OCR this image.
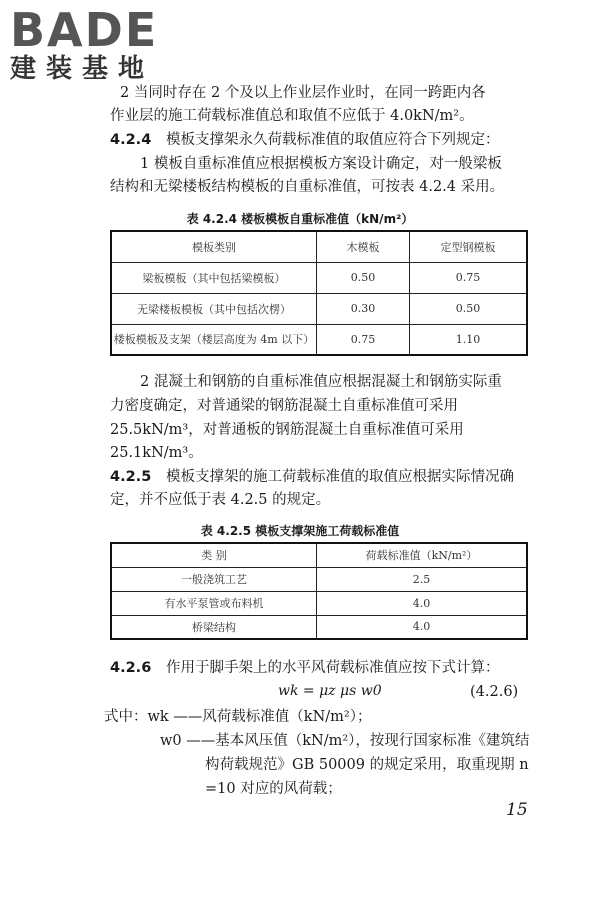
BADE
建装基地
2 当同时存在 2 个及以上作业层作业时，在同一跨距内各
作业层的施工荷载标准值总和取值不应低于 4.0kN/m²。
4.2.4 模板支撑架永久荷载标准值的取值应符合下列规定：
1 模板自重标准值应根据模板方案设计确定，对一般梁板
结构和无梁楼板结构模板的自重标准值，可按表 4.2.4 采用。
表 4.2.4 楼板模板自重标准值（kN/m²）
模板类别	木模板	定型钢模板
梁板模板（其中包括梁模板）	0.50	0.75
无梁楼板模板（其中包括次楞）	0.30	0.50
楼板模板及支架（楼层高度为 4m 以下）	0.75	1.10
2 混凝土和钢筋的自重标准值应根据混凝土和钢筋实际重
力密度确定，对普通梁的钢筋混凝土自重标准值可采用
25.5kN/m³，对普通板的钢筋混凝土自重标准值可采用
25.1kN/m³。
4.2.5 模板支撑架的施工荷载标准值的取值应根据实际情况确
定，并不应低于表 4.2.5 的规定。
表 4.2.5 模板支撑架施工荷载标准值
类 别	荷载标准值（kN/m²）
一般浇筑工艺	2.5
有水平泵管或布料机	4.0
桥梁结构	4.0
4.2.6 作用于脚手架上的水平风荷载标准值应按下式计算：
wk = μz μs w0	(4.2.6)
式中：wk ——风荷载标准值（kN/m²）；
w0 ——基本风压值（kN/m²），按现行国家标准《建筑结
构荷载规范》GB 50009 的规定采用，取重现期 n
=10 对应的风荷载；
15
